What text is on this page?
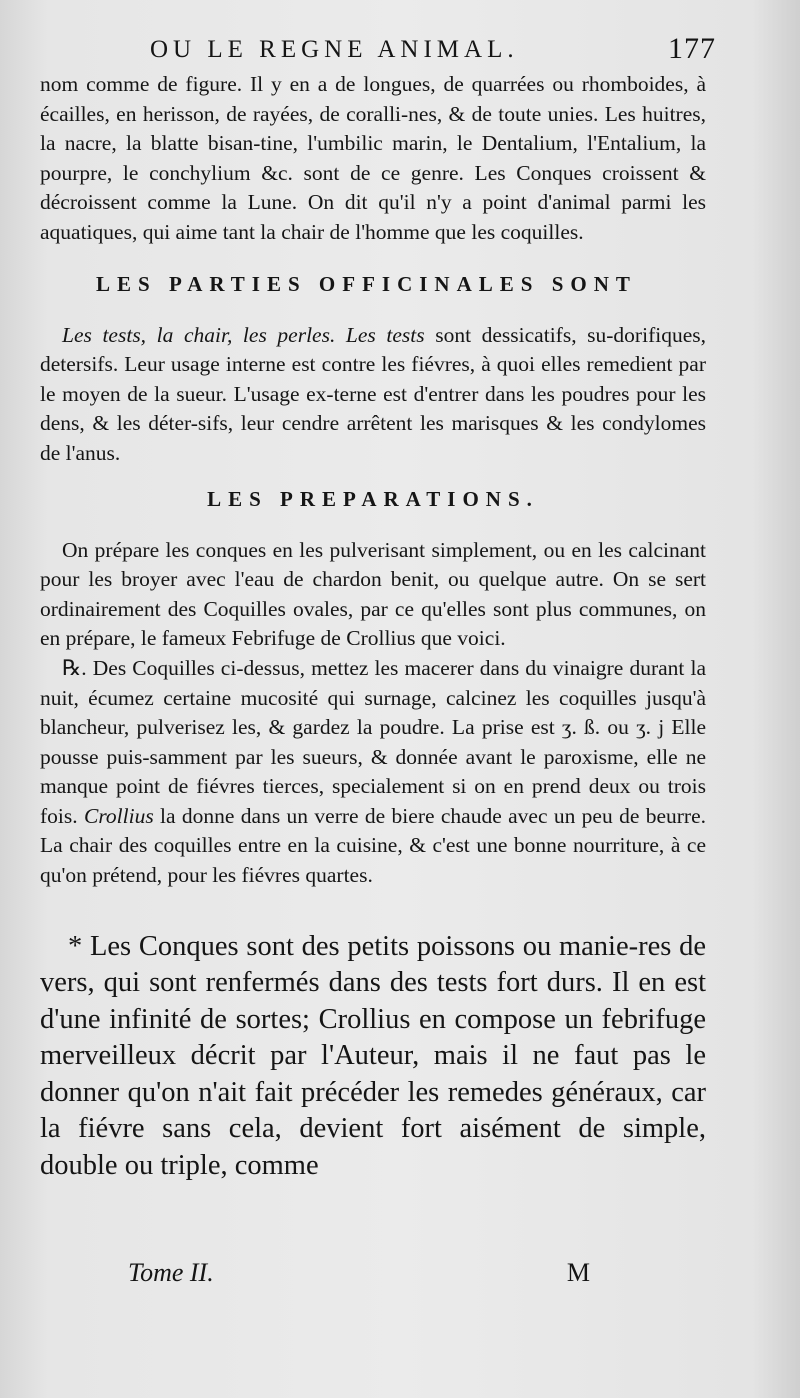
OU LE REGNE ANIMAL.	177

nom comme de figure. Il y en a de longues, de quarrées ou rhomboides, à écailles, en herisson, de rayées, de coralli-nes, & de toute unies. Les huitres, la nacre, la blatte bisan-tine, l'umbilic marin, le Dentalium, l'Entalium, la pourpre, le conchylium &c. sont de ce genre. Les Conques croissent & décroissent comme la Lune. On dit qu'il n'y a point d'animal parmi les aquatiques, qui aime tant la chair de l'homme que les coquilles.

LES PARTIES OFFICINALES SONT

Les tests, la chair, les perles. Les tests sont dessicatifs, su-dorifiques, detersifs. Leur usage interne est contre les fiévres, à quoi elles remedient par le moyen de la sueur. L'usage ex-terne est d'entrer dans les poudres pour les dens, & les déter-sifs, leur cendre arrêtent les marisques & les condylomes de l'anus.

LES PREPARATIONS.

On prépare les conques en les pulverisant simplement, ou en les calcinant pour les broyer avec l'eau de chardon benit, ou quelque autre. On se sert ordinairement des Coquilles ovales, par ce qu'elles sont plus communes, on en prépare, le fameux Febrifuge de Crollius que voici.

℞. Des Coquilles ci-dessus, mettez les macerer dans du vinaigre durant la nuit, écumez certaine mucosité qui surnage, calcinez les coquilles jusqu'à blancheur, pulverisez les, & gardez la poudre. La prise est ʒ. ß. ou ʒ. j Elle pousse puis-samment par les sueurs, & donnée avant le paroxisme, elle ne manque point de fiévres tierces, specialement si on en prend deux ou trois fois. Crollius la donne dans un verre de biere chaude avec un peu de beurre. La chair des coquilles entre en la cuisine, & c'est une bonne nourriture, à ce qu'on prétend, pour les fiévres quartes.

* Les Conques sont des petits poissons ou manie-res de vers, qui sont renfermés dans des tests fort durs. Il en est d'une infinité de sortes; Crollius en compose un febrifuge merveilleux décrit par l'Auteur, mais il ne faut pas le donner qu'on n'ait fait précéder les remedes généraux, car la fiévre sans cela, devient fort aisément de simple, double ou triple, comme

Tome II.	M
